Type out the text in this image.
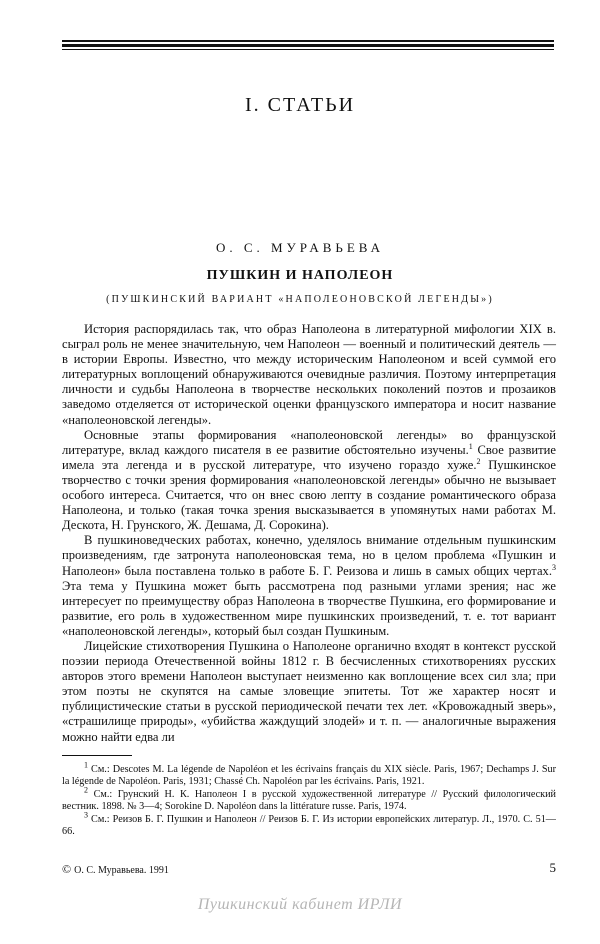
I. СТАТЬИ
О. С. МУРАВЬЕВА
ПУШКИН И НАПОЛЕОН
(ПУШКИНСКИЙ ВАРИАНТ «НАПОЛЕОНОВСКОЙ ЛЕГЕНДЫ»)

История распорядилась так, что образ Наполеона в литературной мифологии XIX в. сыграл роль не менее значительную, чем Наполеон — военный и политический деятель — в истории Европы. Известно, что между историческим Наполеоном и всей суммой его литературных воплощений обнаруживаются очевидные различия. Поэтому интерпретация личности и судьбы Наполеона в творчестве нескольких поколений поэтов и прозаиков заведомо отделяется от исторической оценки французского императора и носит название «наполеоновской легенды».

Основные этапы формирования «наполеоновской легенды» во французской литературе, вклад каждого писателя в ее развитие обстоятельно изучены.$^1$ Свое развитие имела эта легенда и в русской литературе, что изучено гораздо хуже.$^2$ Пушкинское творчество с точки зрения формирования «наполеоновской легенды» обычно не вызывает особого интереса. Считается, что он внес свою лепту в создание романтического образа Наполеона, и только (такая точка зрения высказывается в упомянутых нами работах М. Дескота, Н. Грунского, Ж. Дешама, Д. Сорокина).

В пушкиноведческих работах, конечно, уделялось внимание отдельным пушкинским произведениям, где затронута наполеоновская тема, но в целом проблема «Пушкин и Наполеон» была поставлена только в работе Б. Г. Реизова и лишь в самых общих чертах.$^3$ Эта тема у Пушкина может быть рассмотрена под разными углами зрения; нас же интересует по преимуществу образ Наполеона в творчестве Пушкина, его формирование и развитие, его роль в художественном мире пушкинских произведений, т. е. тот вариант «наполеоновской легенды», который был создан Пушкиным.

Лицейские стихотворения Пушкина о Наполеоне органично входят в контекст русской поэзии периода Отечественной войны 1812 г. В бесчисленных стихотворениях русских авторов этого времени Наполеон выступает неизменно как воплощение всех сил зла; при этом поэты не скупятся на самые зловещие эпитеты. Тот же характер носят и публицистические статьи в русской периодической печати тех лет. «Кровожадный зверь», «страшилище природы», «убийства жаждущий злодей» и т. п. — аналогичные выражения можно найти едва ли

$^1$ См.: Descotes M. La légende de Napoléon et les écrivains français du XIX siècle. Paris, 1967; Dechamps J. Sur la légende de Napoléon. Paris, 1931; Chassé Ch. Napoléon par les écrivains. Paris, 1921.

$^2$ См.: Грунский Н. К. Наполеон I в русской художественной литературе // Русский филологический вестник. 1898. № 3—4; Sorokine D. Napoléon dans la littérature russe. Paris, 1974.

$^3$ См.: Реизов Б. Г. Пушкин и Наполеон // Реизов Б. Г. Из истории европейских литератур. Л., 1970. С. 51—66.

© О. С. Муравьева. 1991	5
Пушкинский кабинет ИРЛИ
